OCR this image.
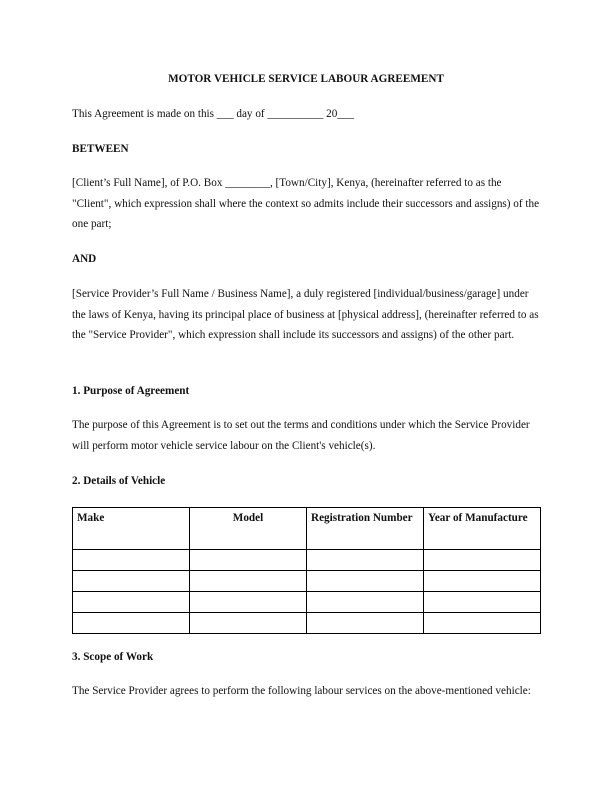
MOTOR VEHICLE SERVICE LABOUR AGREEMENT

This Agreement is made on this ___ day of __________ 20___

BETWEEN

[Client’s Full Name], of P.O. Box ________, [Town/City], Kenya, (hereinafter referred to as the "Client", which expression shall where the context so admits include their successors and assigns) of the one part;

AND

[Service Provider’s Full Name / Business Name], a duly registered [individual/business/garage] under the laws of Kenya, having its principal place of business at [physical address], (hereinafter referred to as the "Service Provider", which expression shall include its successors and assigns) of the other part.

1. Purpose of Agreement

The purpose of this Agreement is to set out the terms and conditions under which the Service Provider will perform motor vehicle service labour on the Client's vehicle(s).

2. Details of Vehicle
Make	Model	Registration Number	Year of Manufacture

3. Scope of Work

The Service Provider agrees to perform the following labour services on the above-mentioned vehicle:
